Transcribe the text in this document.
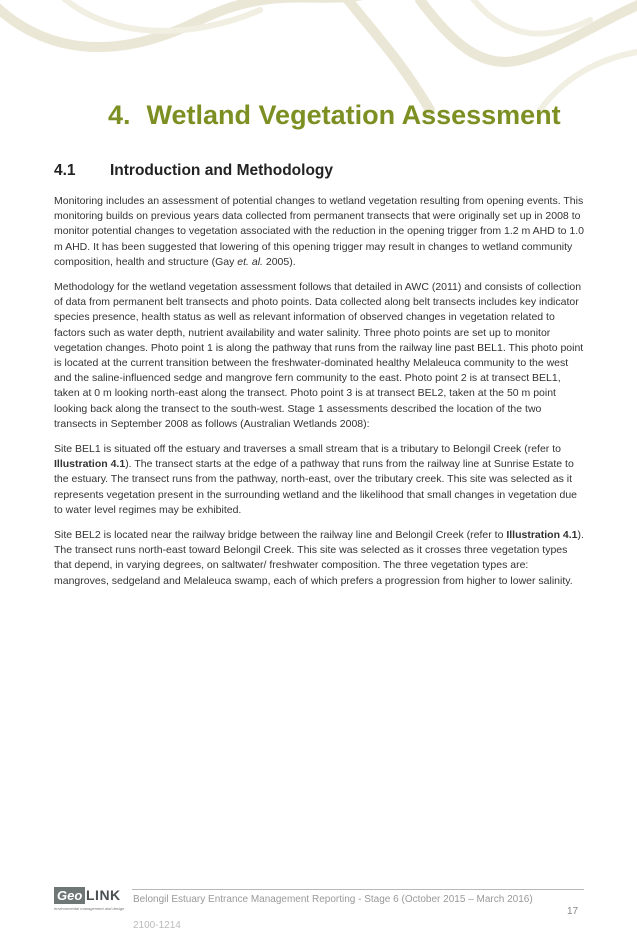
4. Wetland Vegetation Assessment
4.1 Introduction and Methodology

Monitoring includes an assessment of potential changes to wetland vegetation resulting from opening events. This monitoring builds on previous years data collected from permanent transects that were originally set up in 2008 to monitor potential changes to vegetation associated with the reduction in the opening trigger from 1.2 m AHD to 1.0 m AHD. It has been suggested that lowering of this opening trigger may result in changes to wetland community composition, health and structure (Gay et. al. 2005).

Methodology for the wetland vegetation assessment follows that detailed in AWC (2011) and consists of collection of data from permanent belt transects and photo points. Data collected along belt transects includes key indicator species presence, health status as well as relevant information of observed changes in vegetation related to factors such as water depth, nutrient availability and water salinity. Three photo points are set up to monitor vegetation changes. Photo point 1 is along the pathway that runs from the railway line past BEL1. This photo point is located at the current transition between the freshwater-dominated healthy Melaleuca community to the west and the saline-influenced sedge and mangrove fern community to the east. Photo point 2 is at transect BEL1, taken at 0 m looking north-east along the transect. Photo point 3 is at transect BEL2, taken at the 50 m point looking back along the transect to the south-west. Stage 1 assessments described the location of the two transects in September 2008 as follows (Australian Wetlands 2008):

Site BEL1 is situated off the estuary and traverses a small stream that is a tributary to Belongil Creek (refer to Illustration 4.1). The transect starts at the edge of a pathway that runs from the railway line at Sunrise Estate to the estuary. The transect runs from the pathway, north-east, over the tributary creek. This site was selected as it represents vegetation present in the surrounding wetland and the likelihood that small changes in vegetation due to water level regimes may be exhibited.

Site BEL2 is located near the railway bridge between the railway line and Belongil Creek (refer to Illustration 4.1). The transect runs north-east toward Belongil Creek. This site was selected as it crosses three vegetation types that depend, in varying degrees, on saltwater/ freshwater composition. The three vegetation types are: mangroves, sedgeland and Melaleuca swamp, each of which prefers a progression from higher to lower salinity.

Geo LINK
environmental management and design
Belongil Estuary Entrance Management Reporting - Stage 6 (October 2015 – March 2016)
2100-1214
17
